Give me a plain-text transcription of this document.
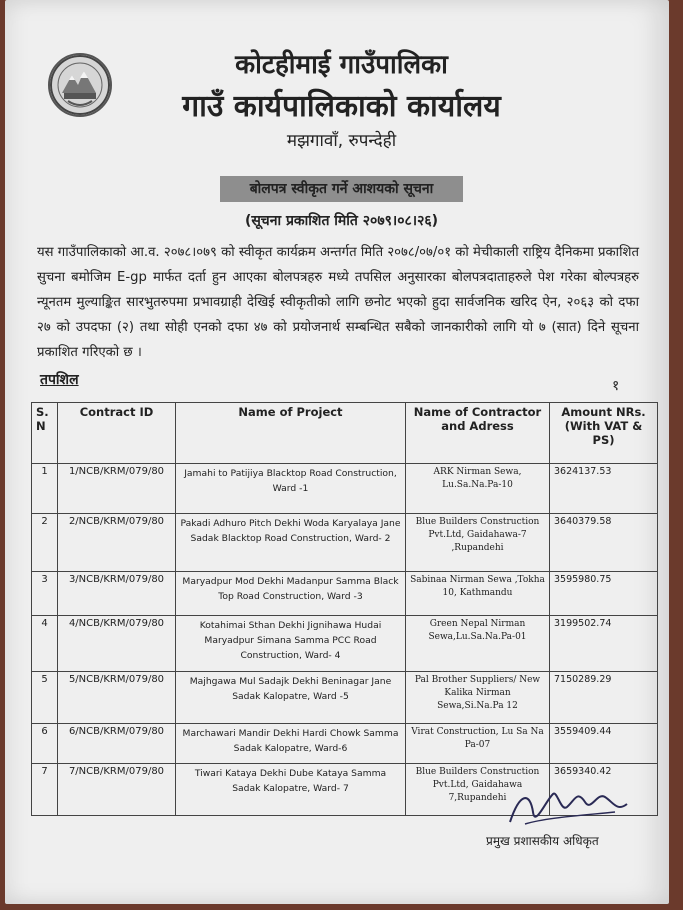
कोटहीमाई गाउँपालिका
गाउँ कार्यपालिकाको कार्यालय
मझगावाँ, रुपन्देही
बोलपत्र स्वीकृत गर्ने आशयको सूचना
(सूचना प्रकाशित मिति २०७९।०८।२६)
यस गाउँपालिकाको आ.व. २०७८।०७९ को स्वीकृत कार्यक्रम अन्तर्गत मिति २०७८/०७/०१ को मेचीकाली राष्ट्रिय दैनिकमा प्रकाशित सुचना बमोजिम E-gp मार्फत दर्ता हुन आएका बोलपत्रहरु मध्ये तपसिल अनुसारका बोलपत्रदाताहरुले पेश गरेका बोल्पत्रहरु न्यूनतम मुल्याङ्कित सारभुतरुपमा प्रभावग्राही देखिई स्वीकृतीको लागि छनोट भएको हुदा सार्वजनिक खरिद ऐन, २०६३ को दफा २७ को उपदफा (२) तथा सोही एनको दफा ४७ को प्रयोजनार्थ सम्बन्धित सबैको जानकारीको लागि यो ७ (सात) दिने सूचना प्रकाशित गरिएको छ ।
तपशिल	१
S. N	Contract ID	Name of Project	Name of Contractor and Adress	Amount NRs. (With VAT & PS)
1	1/NCB/KRM/079/80	Jamahi to Patijiya Blacktop Road Construction, Ward -1	ARK Nirman Sewa, Lu.Sa.Na.Pa-10	3624137.53
2	2/NCB/KRM/079/80	Pakadi Adhuro Pitch Dekhi Woda Karyalaya Jane Sadak Blacktop Road Construction, Ward- 2	Blue Builders Construction Pvt.Ltd, Gaidahawa-7 ,Rupandehi	3640379.58
3	3/NCB/KRM/079/80	Maryadpur Mod Dekhi Madanpur Samma Black Top Road Construction, Ward -3	Sabinaa Nirman Sewa ,Tokha 10, Kathmandu	3595980.75
4	4/NCB/KRM/079/80	Kotahimai Sthan Dekhi Jignihawa Hudai Maryadpur Simana Samma PCC Road Construction, Ward- 4	Green Nepal Nirman Sewa,Lu.Sa.Na.Pa-01	3199502.74
5	5/NCB/KRM/079/80	Majhgawa Mul Sadajk Dekhi Beninagar Jane Sadak Kalopatre, Ward -5	Pal Brother Suppliers/ New Kalika Nirman Sewa,Si.Na.Pa 12	7150289.29
6	6/NCB/KRM/079/80	Marchawari Mandir Dekhi Hardi Chowk Samma Sadak Kalopatre, Ward-6	Virat Construction, Lu Sa Na Pa-07	3559409.44
7	7/NCB/KRM/079/80	Tiwari Kataya Dekhi Dube Kataya Samma Sadak Kalopatre, Ward- 7	Blue Builders Construction Pvt.Ltd, Gaidahawa 7,Rupandehi	3659340.42
प्रमुख प्रशासकीय अधिकृत
